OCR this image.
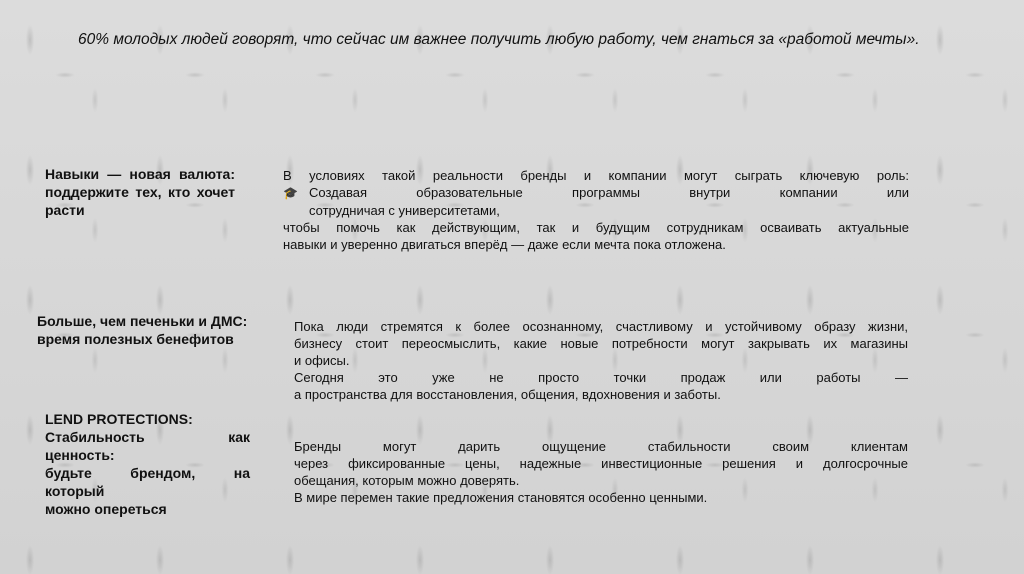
60% молодых людей говорят, что сейчас им важнее получить любую работу, чем гнаться за «работой мечты».
Навыки — новая валюта: поддержите тех, кто хочет расти
В условиях такой реальности бренды и компании могут сыграть ключевую роль:
🎓 Создавая образовательные программы внутри компании или
сотрудничая с университетами,
чтобы помочь как действующим, так и будущим сотрудникам осваивать актуальные
навыки и уверенно двигаться вперёд — даже если мечта пока отложена.
Больше, чем печеньки и ДМС: время полезных бенефитов
Пока люди стремятся к более осознанному, счастливому и устойчивому образу жизни,
бизнесу стоит переосмыслить, какие новые потребности могут закрывать их магазины
и офисы.
Сегодня это уже не просто точки продаж или работы —
а пространства для восстановления, общения, вдохновения и заботы.
LEND PROTECTIONS:
Стабильность как
ценность:
будьте брендом, на
который
можно опереться
Бренды могут дарить ощущение стабильности своим клиентам
через фиксированные цены, надежные инвестиционные решения и долгосрочные
обещания, которым можно доверять.
В мире перемен такие предложения становятся особенно ценными.
